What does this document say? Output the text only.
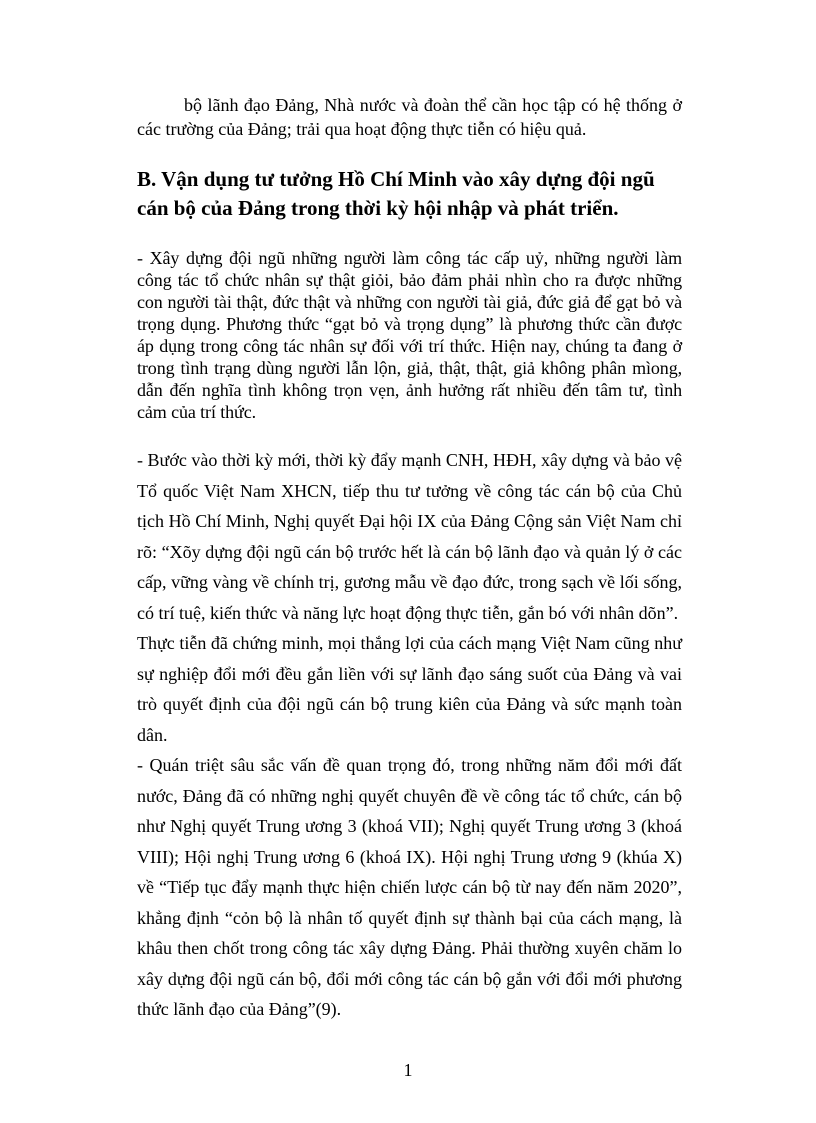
bộ lãnh đạo Đảng, Nhà nước và đoàn thể cần học tập có hệ thống ở các trường của Đảng; trải qua hoạt động thực tiễn có hiệu quả.

B. Vận dụng tư tưởng Hồ Chí Minh vào xây dựng đội ngũ cán bộ của Đảng trong thời kỳ hội nhập và phát triển.

- Xây dựng đội ngũ những người làm công tác cấp uỷ, những người làm công tác tổ chức nhân sự thật giỏi, bảo đảm phải nhìn cho ra được những con người tài thật, đức thật và những con người tài giả, đức giả để gạt bỏ và trọng dụng. Phương thức “gạt bỏ và trọng dụng” là phương thức cần được áp dụng trong công tác nhân sự đối với trí thức. Hiện nay, chúng ta đang ở trong tình trạng dùng người lẫn lộn, giả, thật, thật, giả không phân mìong, dẫn đến nghĩa tình không trọn vẹn, ảnh hưởng rất nhiều đến tâm tư, tình cảm của trí thức.

- Bước vào thời kỳ mới, thời kỳ đẩy mạnh CNH, HĐH, xây dựng và bảo vệ Tổ quốc Việt Nam XHCN, tiếp thu tư tưởng về công tác cán bộ của Chủ tịch Hồ Chí Minh, Nghị quyết Đại hội IX của Đảng Cộng sản Việt Nam chỉ rõ: “Xõy dựng đội ngũ cán bộ trước hết là cán bộ lãnh đạo và quản lý ở các cấp, vững vàng về chính trị, gương mẫu về đạo đức, trong sạch về lối sống, có trí tuệ, kiến thức và năng lực hoạt động thực tiễn, gắn bó với nhân dõn”.

Thực tiễn đã chứng minh, mọi thắng lợi của cách mạng Việt Nam cũng như sự nghiệp đổi mới đều gắn liền với sự lãnh đạo sáng suốt của Đảng và vai trò quyết định của đội ngũ cán bộ trung kiên của Đảng và sức mạnh toàn dân.

- Quán triệt sâu sắc vấn đề quan trọng đó, trong những năm đổi mới đất nước, Đảng đã có những nghị quyết chuyên đề về công tác tổ chức, cán bộ như Nghị quyết Trung ương 3 (khoá VII); Nghị quyết Trung ương 3 (khoá VIII); Hội nghị Trung ương 6 (khoá IX). Hội nghị Trung ương 9 (khúa X) về “Tiếp tục đẩy mạnh thực hiện chiến lược cán bộ từ nay đến năm 2020”, khẳng định “cỏn bộ là nhân tố quyết định sự thành bại của cách mạng, là khâu then chốt trong công tác xây dựng Đảng. Phải thường xuyên chăm lo xây dựng đội ngũ cán bộ, đổi mới công tác cán bộ gắn với đổi mới phương thức lãnh đạo của Đảng”(9).

1
